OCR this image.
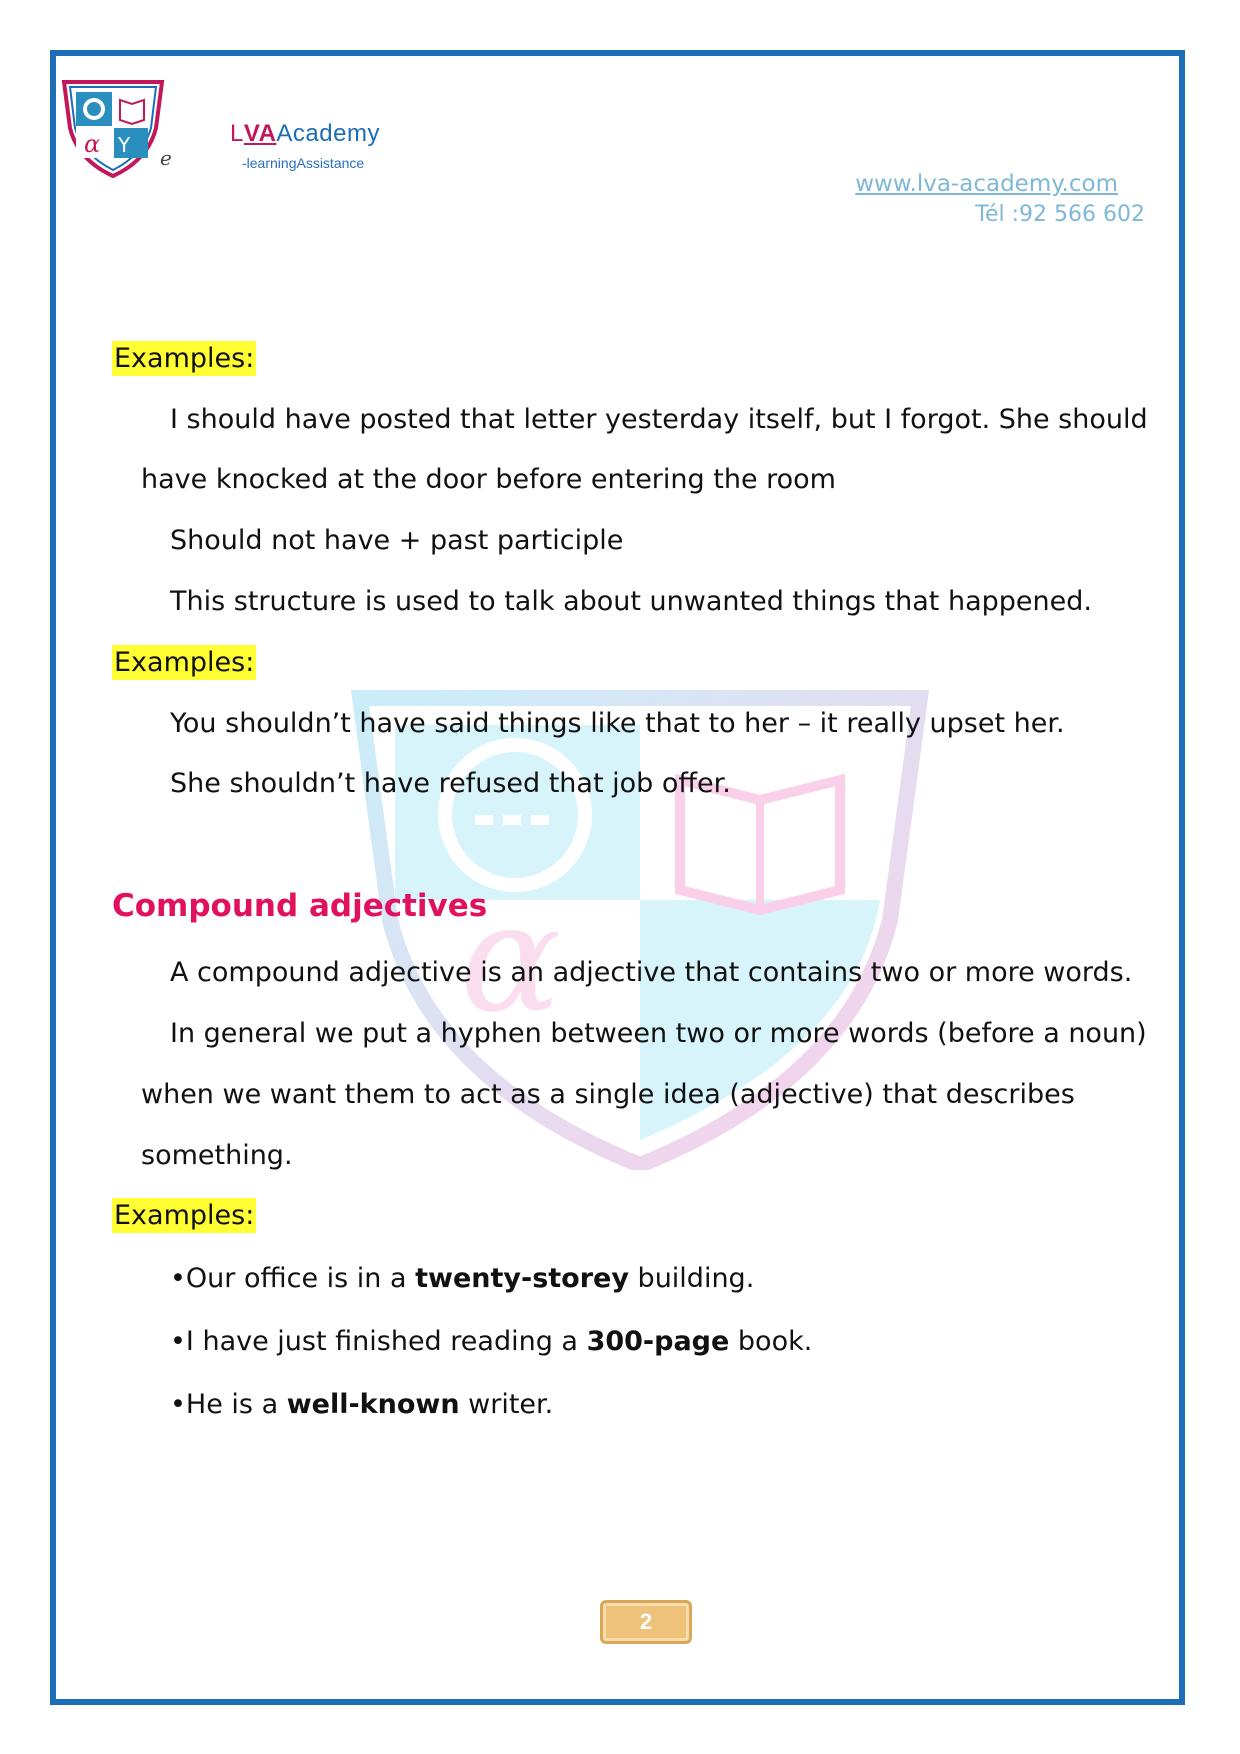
α Y
e
LVAAcademy
-learningAssistance
www.lva-academy.com
Tél :92 566 602
α
Examples:
I should have posted that letter yesterday itself, but I forgot. She should
have knocked at the door before entering the room
Should not have + past participle
This structure is used to talk about unwanted things that happened.
Examples:
You shouldn’t have said things like that to her – it really upset her.
She shouldn’t have refused that job offer.
Compound adjectives
A compound adjective is an adjective that contains two or more words.
In general we put a hyphen between two or more words (before a noun)
when we want them to act as a single idea (adjective) that describes
something.
Examples:
•Our office is in a twenty-storey building.
•I have just finished reading a 300-page book.
•He is a well-known writer.
2
